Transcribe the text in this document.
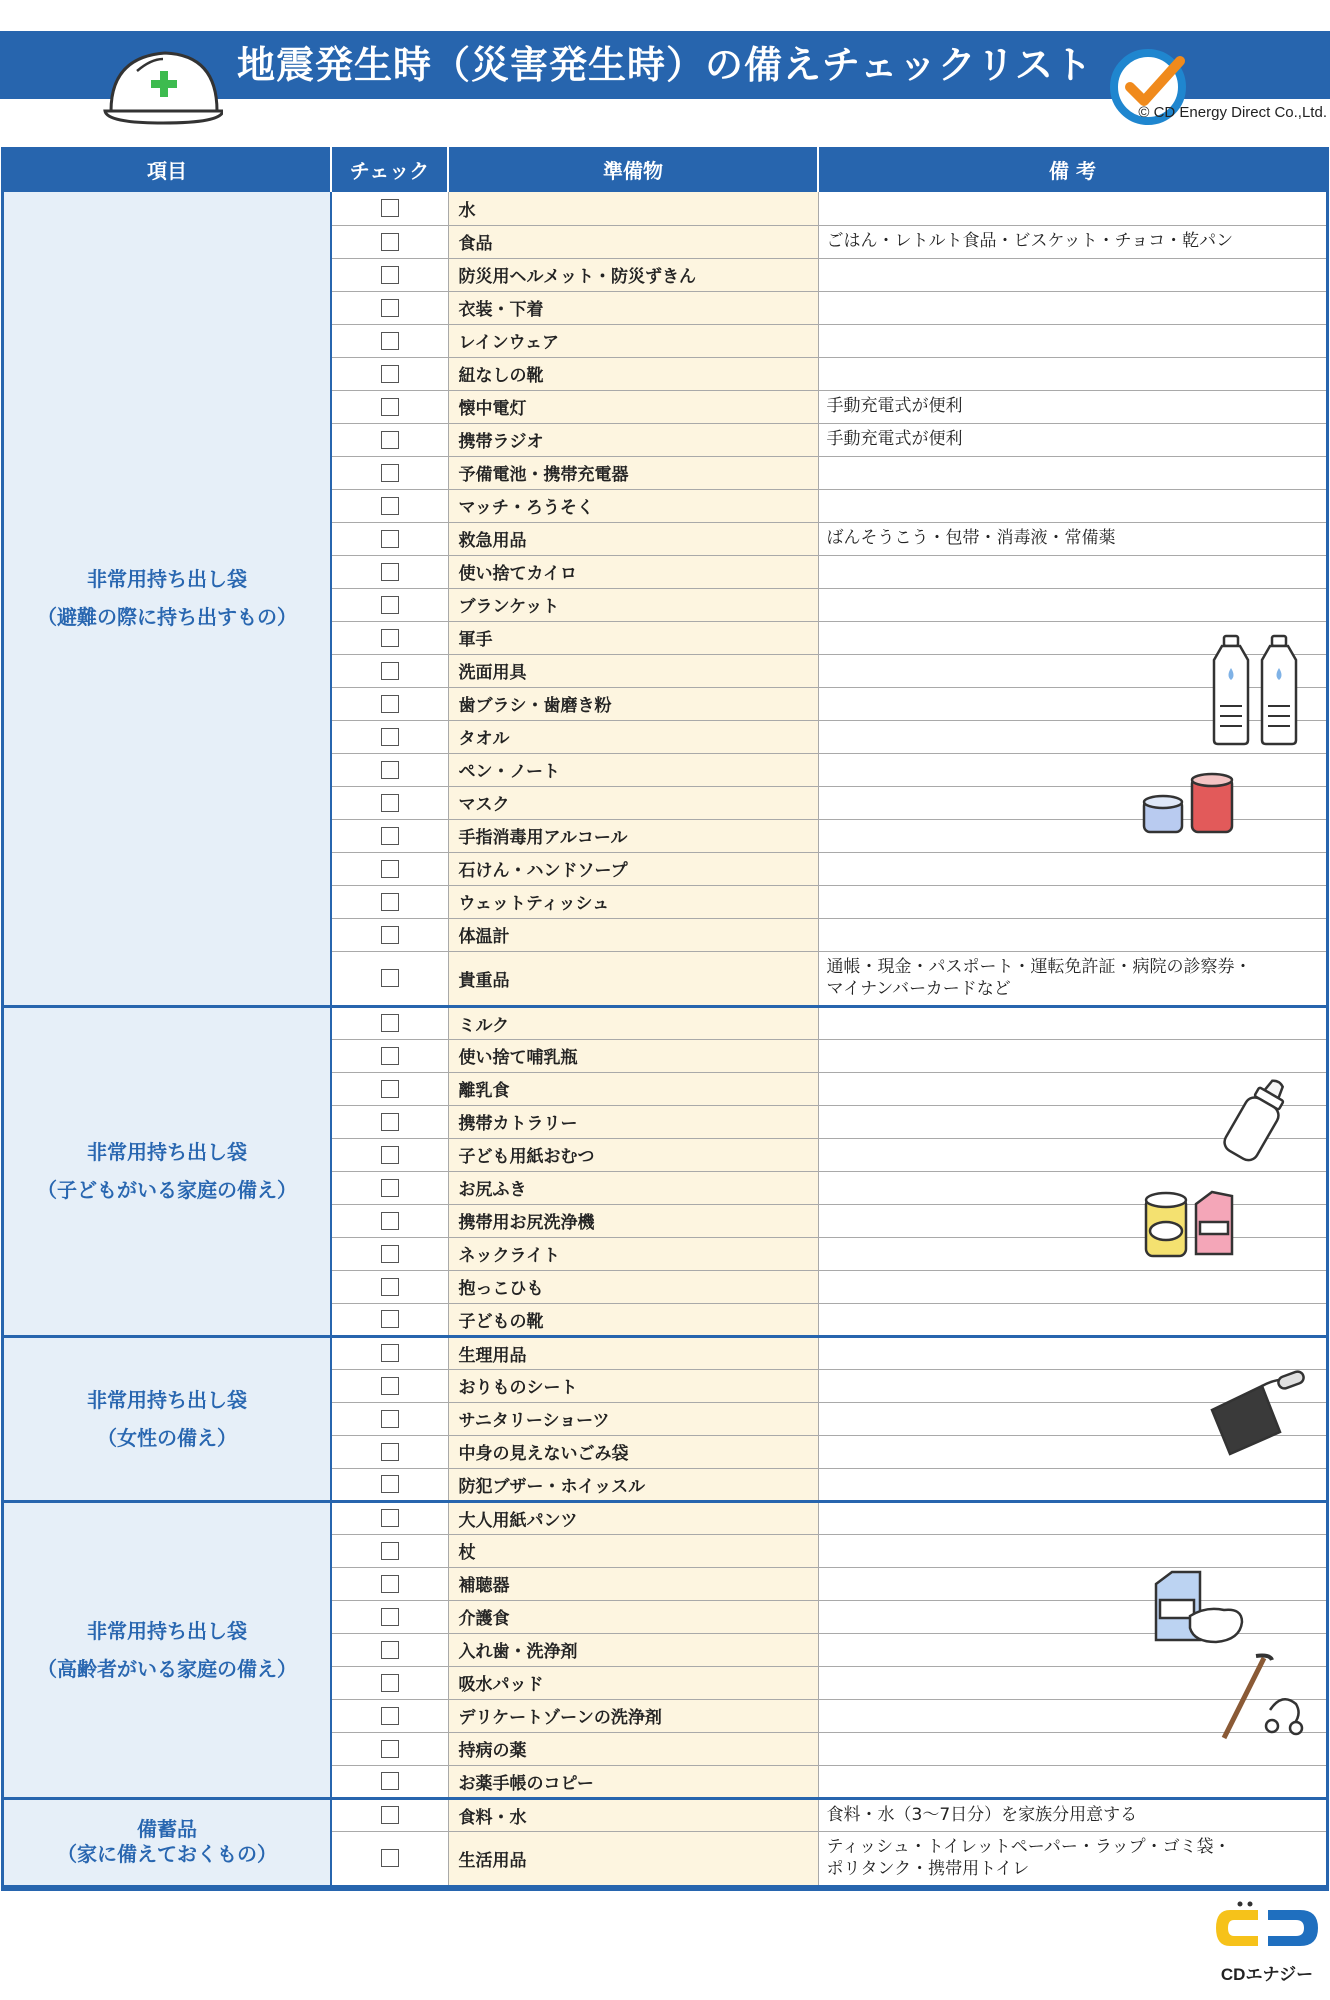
地震発生時（災害発生時）の備えチェックリスト
© CD Energy Direct Co.,Ltd.
項目	チェック	準備物	備 考

非常用持ち出し袋
（避難の際に持ち出すもの）		水	

		食品	ごはん・レトルト食品・ビスケット・チョコ・乾パン

		防災用ヘルメット・防災ずきん	

		衣装・下着	

		レインウェア	

		紐なしの靴	

		懐中電灯	手動充電式が便利

		携帯ラジオ	手動充電式が便利

		予備電池・携帯充電器	

		マッチ・ろうそく	

		救急用品	ばんそうこう・包帯・消毒液・常備薬

		使い捨てカイロ	

		ブランケット	

		軍手	

		洗面用具	

		歯ブラシ・歯磨き粉	

		タオル	

		ペン・ノート	

		マスク	

		手指消毒用アルコール	

		石けん・ハンドソープ	

		ウェットティッシュ	

		体温計	

		貴重品	通帳・現金・パスポート・運転免許証・病院の診察券・
マイナンバーカードなど

非常用持ち出し袋
（子どもがいる家庭の備え）		ミルク	

		使い捨て哺乳瓶	

		離乳食	

		携帯カトラリー	

		子ども用紙おむつ	

		お尻ふき	

		携帯用お尻洗浄機	

		ネックライト	

		抱っこひも	

		子どもの靴	

非常用持ち出し袋
（女性の備え）		生理用品	

		おりものシート	

		サニタリーショーツ	

		中身の見えないごみ袋	

		防犯ブザー・ホイッスル	

非常用持ち出し袋
（高齢者がいる家庭の備え）		大人用紙パンツ	

		杖	

		補聴器	

		介護食	

		入れ歯・洗浄剤	

		吸水パッド	

		デリケートゾーンの洗浄剤	

		持病の薬	

		お薬手帳のコピー	

備蓄品
（家に備えておくもの）		食料・水	食料・水（3〜7日分）を家族分用意する

		生活用品	ティッシュ・トイレットペーパー・ラップ・ゴミ袋・
ポリタンク・携帯用トイレ
CDエナジー
